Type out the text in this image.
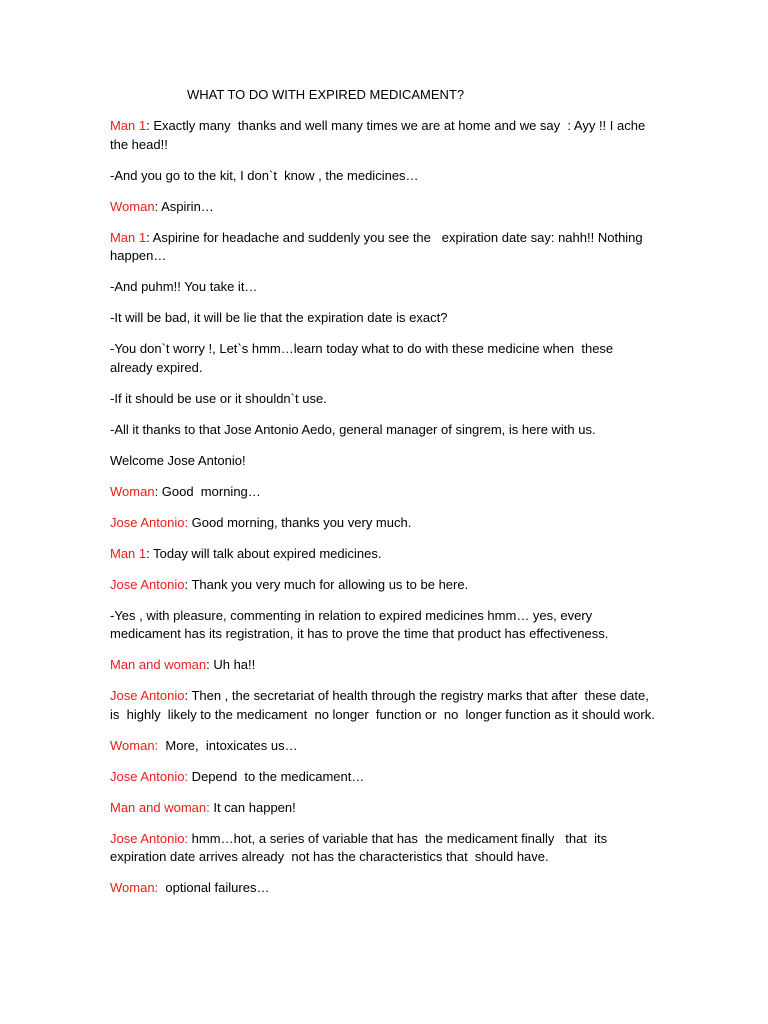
WHAT TO DO WITH EXPIRED MEDICAMENT?

Man 1: Exactly many  thanks and well many times we are at home and we say  : Ayy !! I ache the head!!

-And you go to the kit, I don`t  know , the medicines…

Woman: Aspirin…

Man 1: Aspirine for headache and suddenly you see the   expiration date say: nahh!! Nothing happen…

-And puhm!! You take it…

-It will be bad, it will be lie that the expiration date is exact?

-You don`t worry !, Let`s hmm…learn today what to do with these medicine when  these already expired.

-If it should be use or it shouldn`t use.

-All it thanks to that Jose Antonio Aedo, general manager of singrem, is here with us.

Welcome Jose Antonio!

Woman: Good  morning…

Jose Antonio: Good morning, thanks you very much.

Man 1: Today will talk about expired medicines.

Jose Antonio: Thank you very much for allowing us to be here.

-Yes , with pleasure, commenting in relation to expired medicines hmm… yes, every medicament has its registration, it has to prove the time that product has effectiveness.

Man and woman: Uh ha!!

Jose Antonio: Then , the secretariat of health through the registry marks that after  these date, is  highly  likely to the medicament  no longer  function or  no  longer function as it should work.

Woman:  More,  intoxicates us…

Jose Antonio: Depend  to the medicament…

Man and woman: It can happen!

Jose Antonio: hmm…hot, a series of variable that has  the medicament finally   that  its expiration date arrives already  not has the characteristics that  should have.

Woman:  optional failures…
